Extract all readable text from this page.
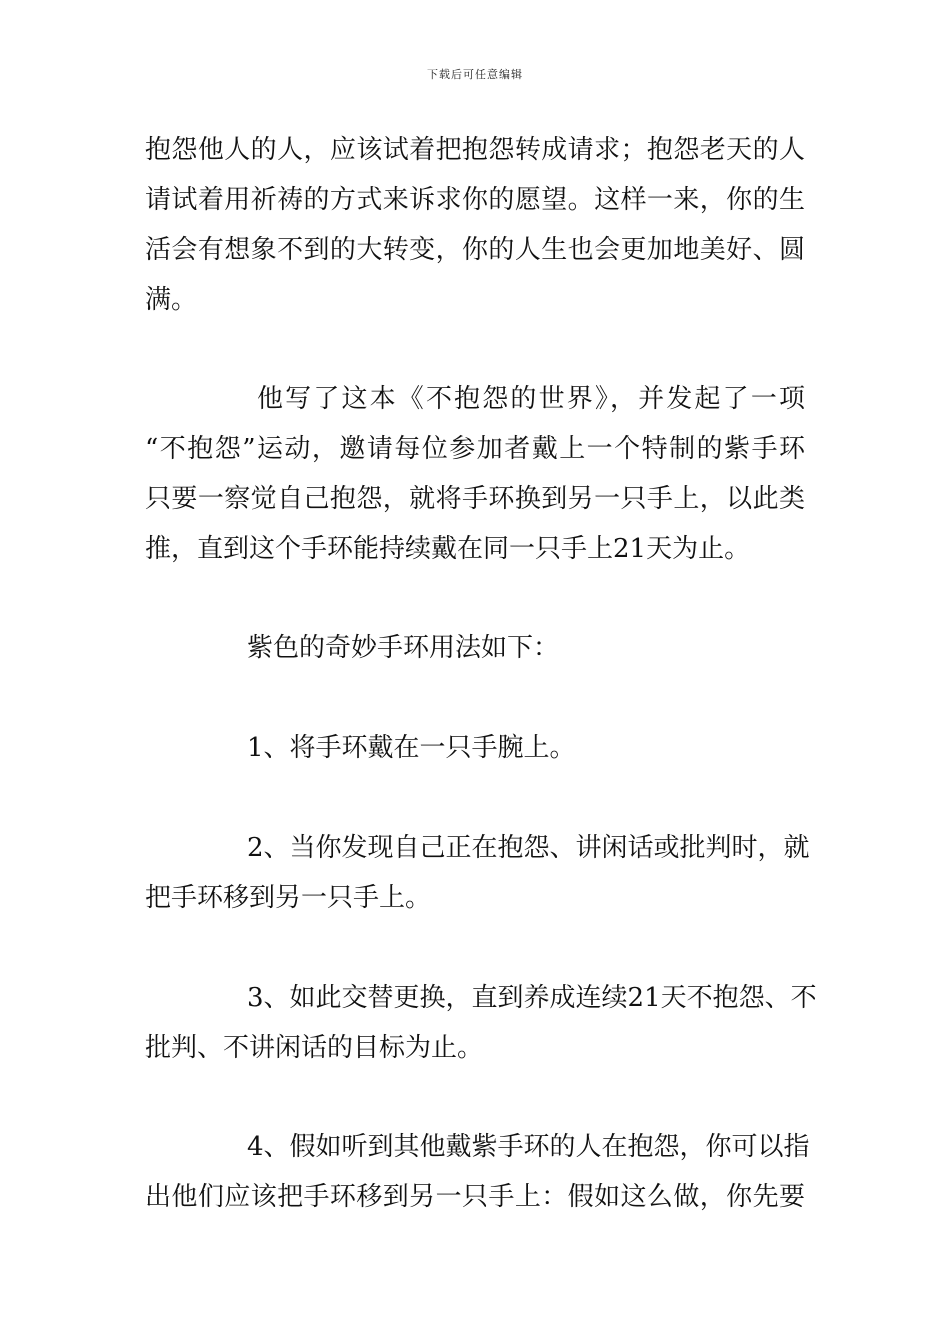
下载后可任意编辑
抱怨他人的人，应该试着把抱怨转成请求；抱怨老天的人
请试着用祈祷的方式来诉求你的愿望。这样一来，你的生
活会有想象不到的大转变，你的人生也会更加地美好、圆
满。
他写了这本《不抱怨的世界》，并发起了一项
“不抱怨”运动，邀请每位参加者戴上一个特制的紫手环
只要一察觉自己抱怨，就将手环换到另一只手上，以此类
推，直到这个手环能持续戴在同一只手上21天为止。
紫色的奇妙手环用法如下：
1、将手环戴在一只手腕上。
2、当你发现自己正在抱怨、讲闲话或批判时，就
把手环移到另一只手上。
3、如此交替更换，直到养成连续21天不抱怨、不
批判、不讲闲话的目标为止。
4、假如听到其他戴紫手环的人在抱怨，你可以指
出他们应该把手环移到另一只手上：假如这么做，你先要
